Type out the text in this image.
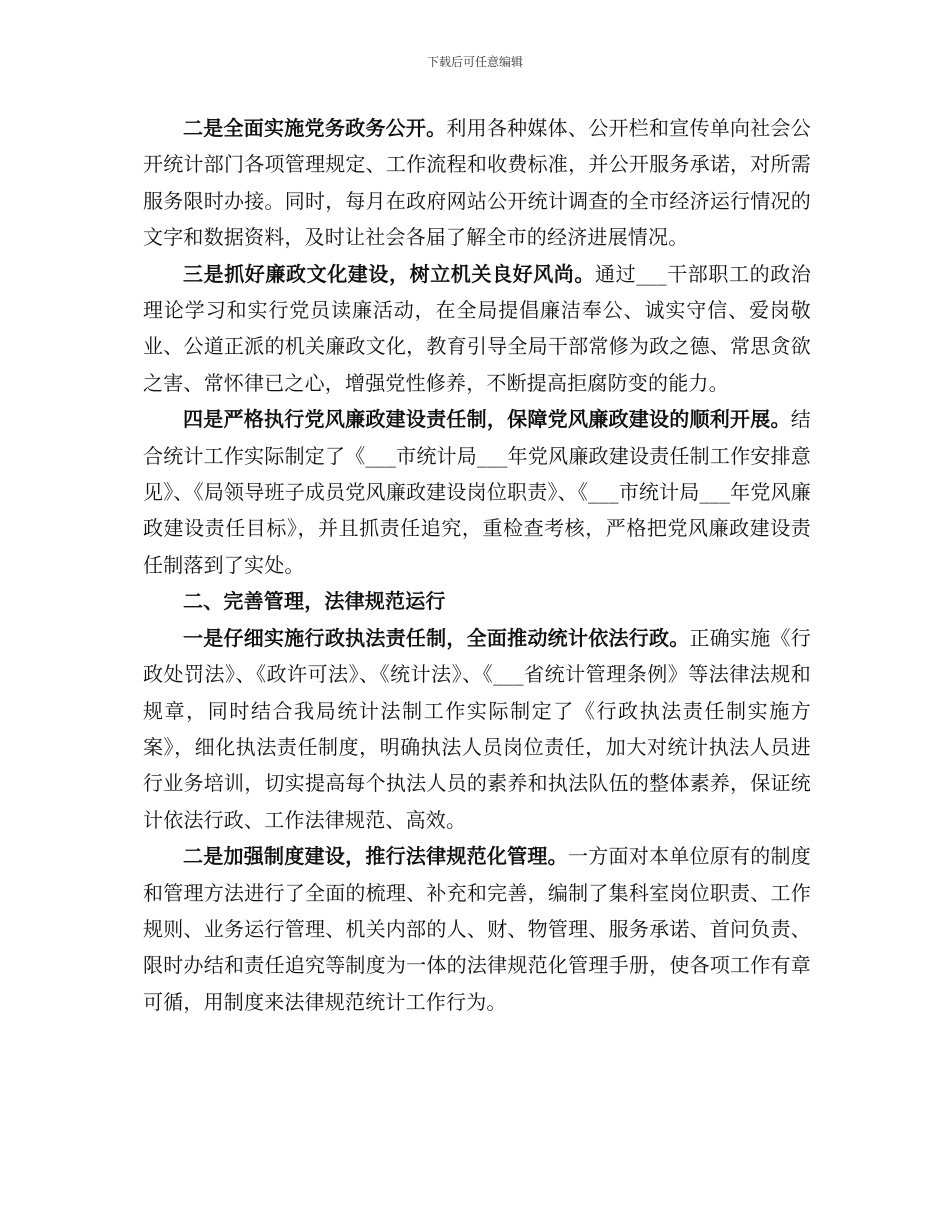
下载后可任意编辑

二是全面实施党务政务公开。利用各种媒体、公开栏和宣传单向社会公开统计部门各项管理规定、工作流程和收费标准，并公开服务承诺，对所需服务限时办接。同时，每月在政府网站公开统计调查的全市经济运行情况的文字和数据资料，及时让社会各届了解全市的经济进展情况。

三是抓好廉政文化建设，树立机关良好风尚。通过___干部职工的政治理论学习和实行党员读廉活动，在全局提倡廉洁奉公、诚实守信、爱岗敬业、公道正派的机关廉政文化，教育引导全局干部常修为政之德、常思贪欲之害、常怀律已之心，增强党性修养，不断提高拒腐防变的能力。

四是严格执行党风廉政建设责任制，保障党风廉政建设的顺利开展。结合统计工作实际制定了《___市统计局___年党风廉政建设责任制工作安排意见》、《局领导班子成员党风廉政建设岗位职责》、《___市统计局___年党风廉政建设责任目标》，并且抓责任追究，重检查考核，严格把党风廉政建设责任制落到了实处。

二、完善管理，法律规范运行

一是仔细实施行政执法责任制，全面推动统计依法行政。正确实施《行政处罚法》、《政许可法》、《统计法》、《___省统计管理条例》等法律法规和规章，同时结合我局统计法制工作实际制定了《行政执法责任制实施方案》，细化执法责任制度，明确执法人员岗位责任，加大对统计执法人员进行业务培训，切实提高每个执法人员的素养和执法队伍的整体素养，保证统计依法行政、工作法律规范、高效。

二是加强制度建设，推行法律规范化管理。一方面对本单位原有的制度和管理方法进行了全面的梳理、补充和完善，编制了集科室岗位职责、工作规则、业务运行管理、机关内部的人、财、物管理、服务承诺、首问负责、限时办结和责任追究等制度为一体的法律规范化管理手册，使各项工作有章可循，用制度来法律规范统计工作行为。
